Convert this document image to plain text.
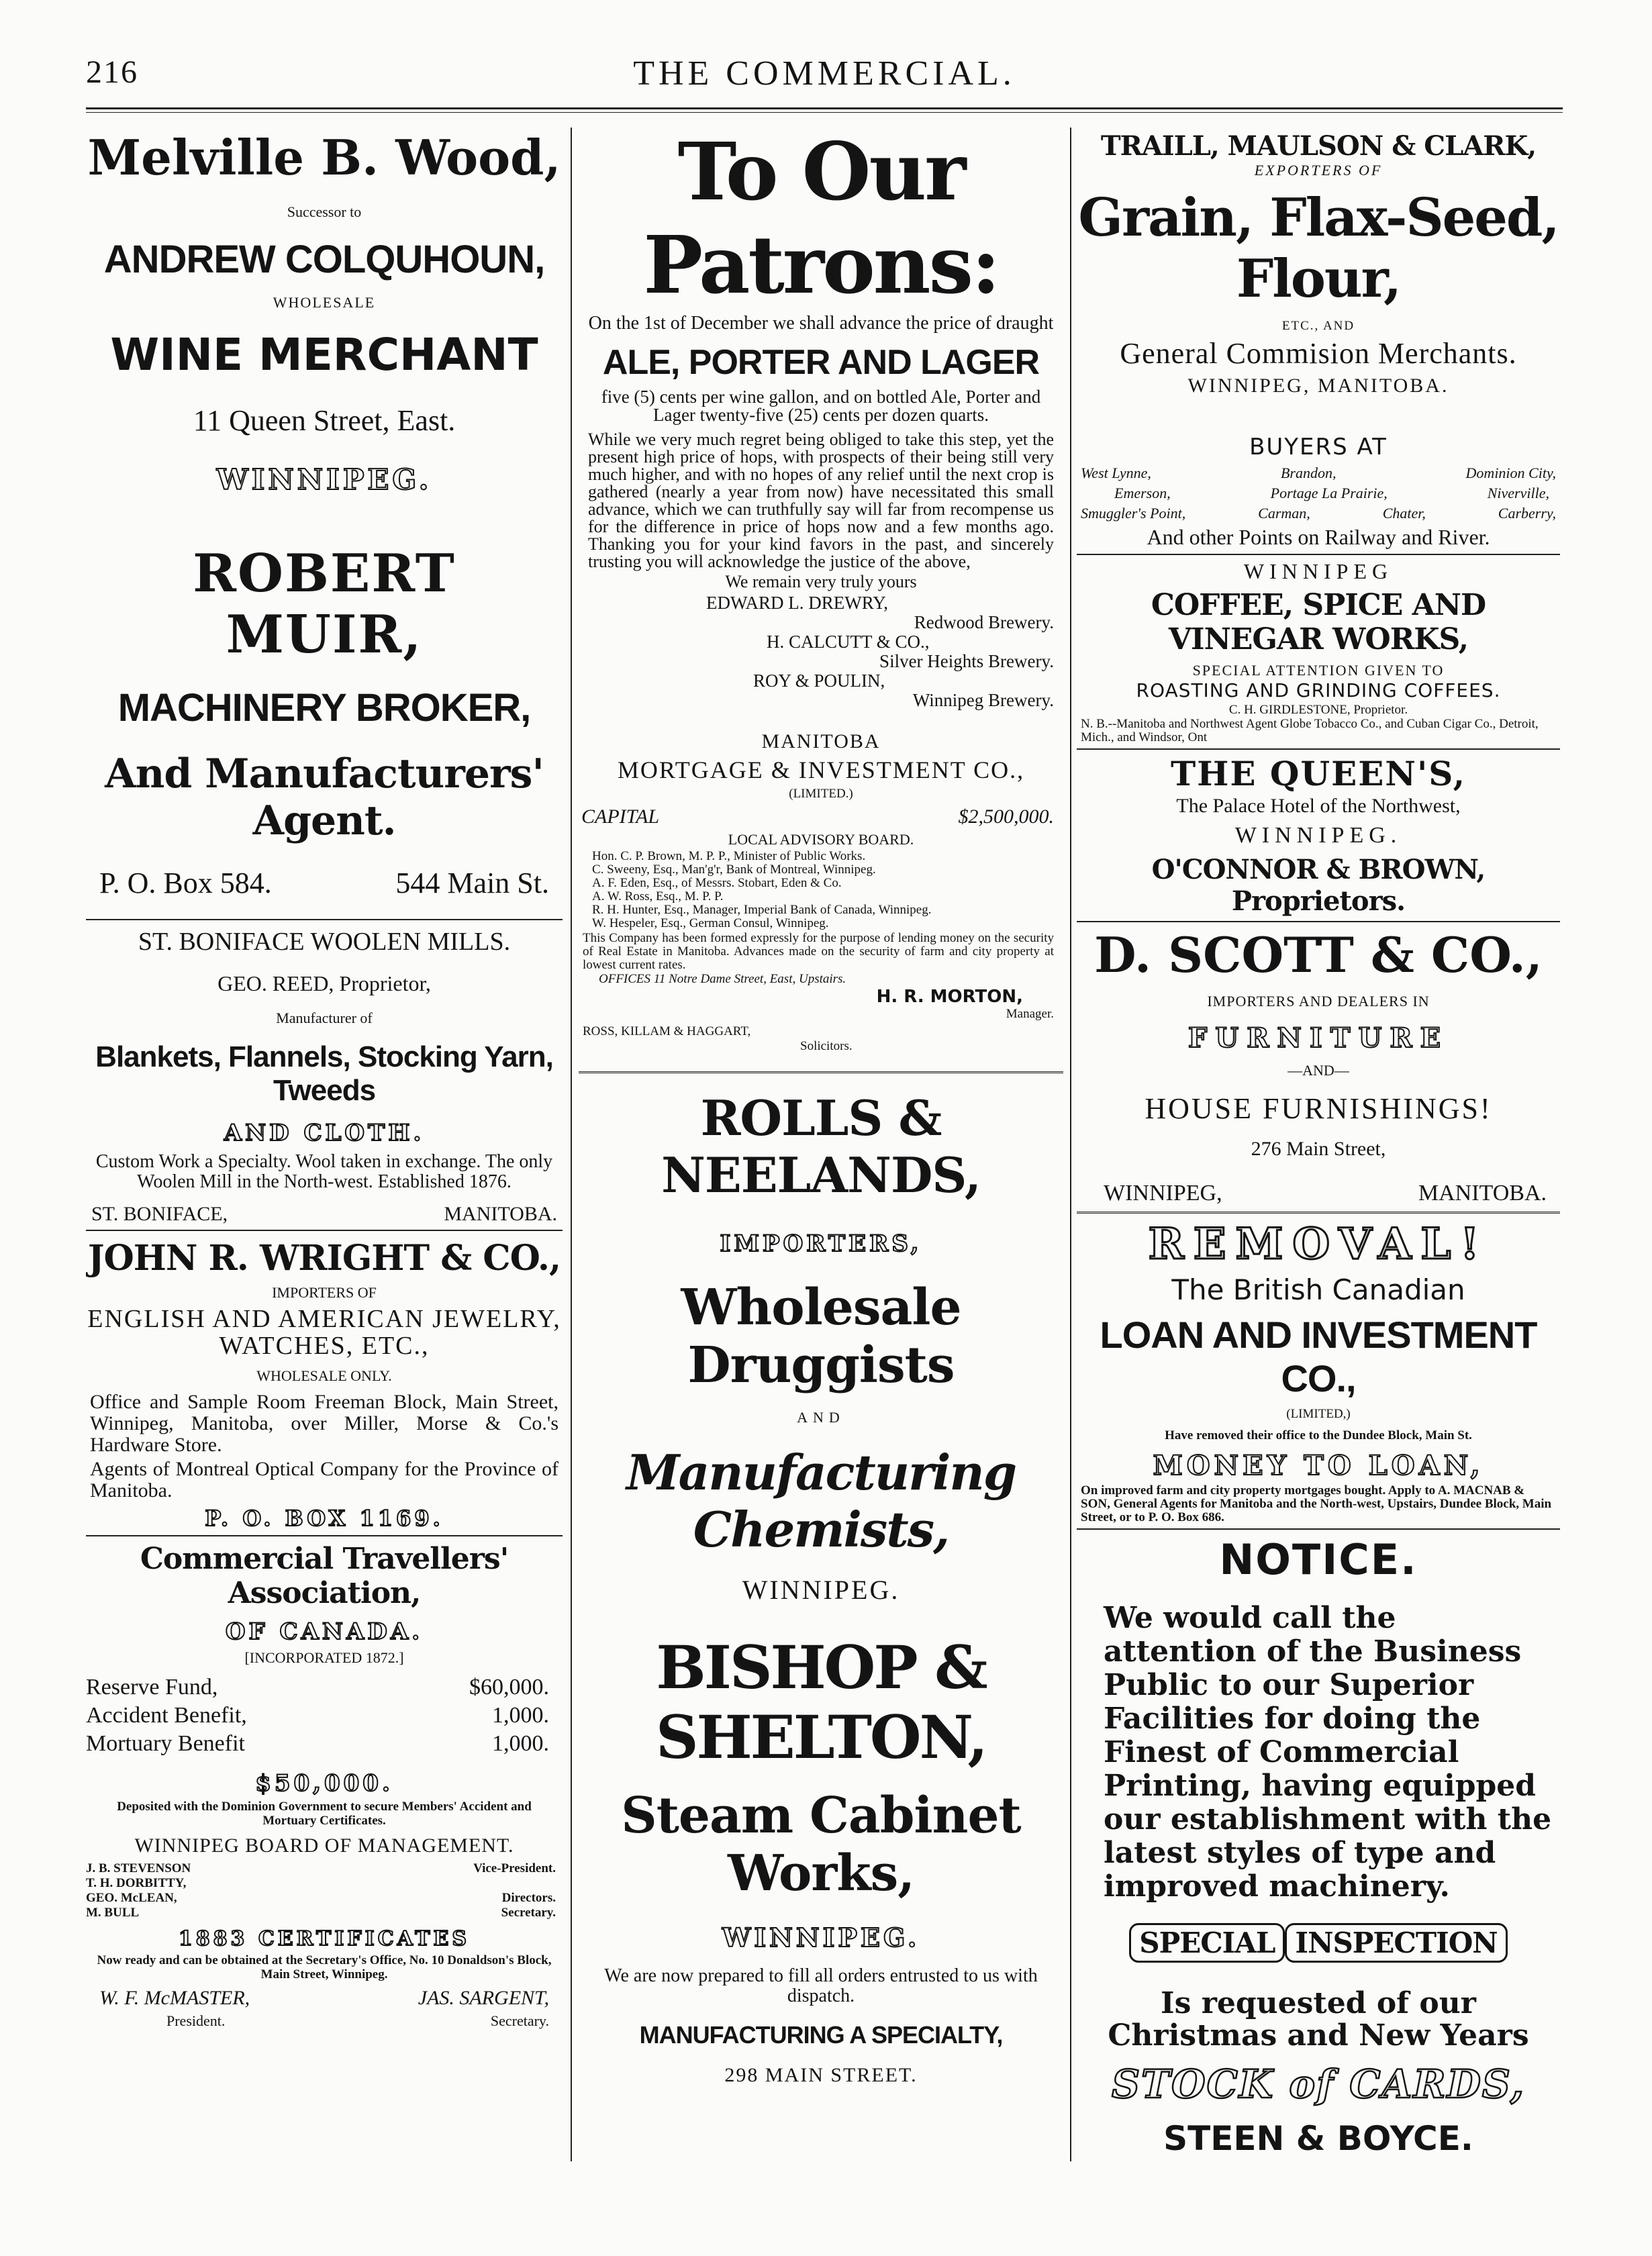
216	THE COMMERCIAL.

Melville B. Wood,

Successor to

ANDREW COLQUHOUN,

WHOLESALE

WINE MERCHANT

11 Queen Street, East.

WINNIPEG.

ROBERT MUIR,

MACHINERY BROKER,

And Manufacturers' Agent.

P. O. Box 584.	544 Main St.

ST. BONIFACE WOOLEN MILLS.

GEO. REED, Proprietor,

Manufacturer of

Blankets, Flannels, Stocking Yarn, Tweeds

AND CLOTH.

Custom Work a Specialty. Wool taken in exchange. The only Woolen Mill in the North-west. Established 1876.

ST. BONIFACE,	MANITOBA.

JOHN R. WRIGHT & CO.,

IMPORTERS OF

ENGLISH AND AMERICAN JEWELRY, WATCHES, ETC.,

WHOLESALE ONLY.

Office and Sample Room Freeman Block, Main Street, Winnipeg, Manitoba, over Miller, Morse & Co.'s Hardware Store.

Agents of Montreal Optical Company for the Province of Manitoba.

P. O. BOX 1169.

Commercial Travellers' Association,

OF CANADA.

[INCORPORATED 1872.]

Reserve Fund,	$60,000.
Accident Benefit,	1,000.
Mortuary Benefit	1,000.

$50,000.

Deposited with the Dominion Government to secure Members' Accident and Mortuary Certificates.

WINNIPEG BOARD OF MANAGEMENT.

J. B. STEVENSON	Vice-President.
T. H. DORBITTY,
GEO. McLEAN,	Directors.
M. BULL	Secretary.

1883 CERTIFICATES

Now ready and can be obtained at the Secretary's Office, No. 10 Donaldson's Block, Main Street, Winnipeg.

W. F. McMASTER,	JAS. SARGENT,
President.	Secretary.

To Our Patrons:

On the 1st of December we shall advance the price of draught

ALE, PORTER AND LAGER

five (5) cents per wine gallon, and on bottled Ale, Porter and Lager twenty-five (25) cents per dozen quarts.

While we very much regret being obliged to take this step, yet the present high price of hops, with prospects of their being still very much higher, and with no hopes of any relief until the next crop is gathered (nearly a year from now) have necessitated this small advance, which we can truthfully say will far from recompense us for the difference in price of hops now and a few months ago. Thanking you for your kind favors in the past, and sincerely trusting you will acknowledge the justice of the above,

We remain very truly yours

EDWARD L. DREWRY,

Redwood Brewery.

H. CALCUTT & CO.,

Silver Heights Brewery.

ROY & POULIN,

Winnipeg Brewery.

MANITOBA

MORTGAGE & INVESTMENT CO.,

(LIMITED.)

CAPITAL	$2,500,000.

LOCAL ADVISORY BOARD.

Hon. C. P. Brown, M. P. P., Minister of Public Works.

C. Sweeny, Esq., Man'g'r, Bank of Montreal, Winnipeg.

A. F. Eden, Esq., of Messrs. Stobart, Eden & Co.

A. W. Ross, Esq., M. P. P.

R. H. Hunter, Esq., Manager, Imperial Bank of Canada, Winnipeg.

W. Hespeler, Esq., German Consul, Winnipeg.

This Company has been formed expressly for the purpose of lending money on the security of Real Estate in Manitoba. Advances made on the security of farm and city property at lowest current rates.

OFFICES 11 Notre Dame Street, East, Upstairs.

H. R. MORTON,

Manager.

ROSS, KILLAM & HAGGART,

Solicitors.

ROLLS & NEELANDS,

IMPORTERS,

Wholesale Druggists

AND

Manufacturing Chemists,

WINNIPEG.

BISHOP & SHELTON,

Steam Cabinet Works,

WINNIPEG.

We are now prepared to fill all orders entrusted to us with dispatch.

MANUFACTURING A SPECIALTY,

298 MAIN STREET.

TRAILL, MAULSON & CLARK,

EXPORTERS OF

Grain, Flax-Seed, Flour,

ETC., AND

General Commision Merchants.

WINNIPEG, MANITOBA.

BUYERS AT

West Lynne,	Brandon,	Dominion City,
Emerson,	Portage La Prairie,	Niverville,
Smuggler's Point,	Carman,	Chater,	Carberry,

And other Points on Railway and River.

WINNIPEG

COFFEE, SPICE AND VINEGAR WORKS,

SPECIAL ATTENTION GIVEN TO

ROASTING AND GRINDING COFFEES.

C. H. GIRDLESTONE, Proprietor.

N. B.--Manitoba and Northwest Agent Globe Tobacco Co., and Cuban Cigar Co., Detroit, Mich., and Windsor, Ont

THE QUEEN'S,

The Palace Hotel of the Northwest,

WINNIPEG.

O'CONNOR & BROWN, Proprietors.

D. SCOTT & CO.,

IMPORTERS AND DEALERS IN

FURNITURE

—AND—

HOUSE FURNISHINGS!

276 Main Street,

WINNIPEG,	MANITOBA.

REMOVAL!

The British Canadian

LOAN AND INVESTMENT CO.,

(LIMITED,)

Have removed their office to the Dundee Block, Main St.

MONEY TO LOAN,

On improved farm and city property mortgages bought. Apply to A. MACNAB & SON, General Agents for Manitoba and the North-west, Upstairs, Dundee Block, Main Street, or to P. O. Box 686.

NOTICE.

We would call the attention of the Business Public to our Superior Facilities for doing the Finest of Commercial Printing, having equipped our establishment with the latest styles of type and improved machinery.

SPECIAL INSPECTION

Is requested of our Christmas and New Years

STOCK of CARDS,

STEEN & BOYCE.
